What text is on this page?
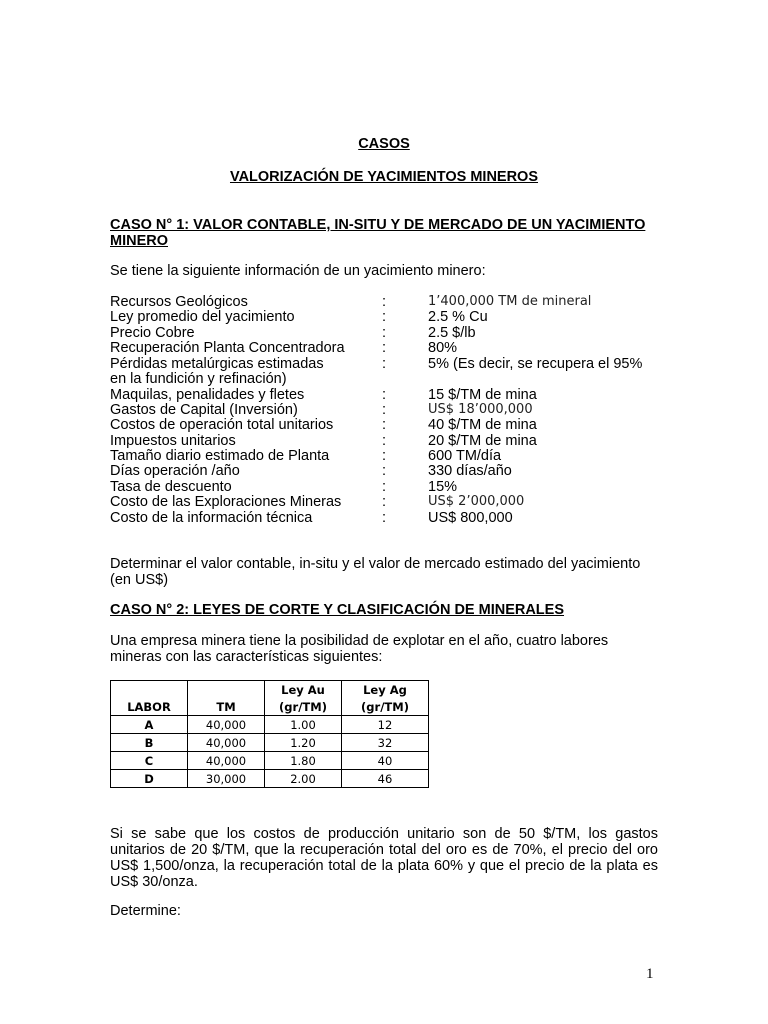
CASOS
VALORIZACIÓN DE YACIMIENTOS MINEROS
CASO N° 1: VALOR CONTABLE, IN-SITU Y DE MERCADO DE UN YACIMIENTO MINERO
Se tiene la siguiente información de un yacimiento minero:
Recursos Geológicos	:	1’400,000 TM de mineral
Ley promedio del yacimiento	:	2.5 % Cu
Precio Cobre	:	2.5 $/lb
Recuperación Planta Concentradora	:	80%
Pérdidas metalúrgicas estimadas	:	5% (Es decir, se recupera el 95%
en la fundición y refinación)
Maquilas, penalidades y fletes	:	15 $/TM de mina
Gastos de Capital (Inversión)	:	US$ 18’000,000
Costos de operación total unitarios	:	40 $/TM de mina
Impuestos unitarios	:	20 $/TM de mina
Tamaño diario estimado de Planta	:	600 TM/día
Días operación /año	:	330 días/año
Tasa de descuento	:	15%
Costo de las Exploraciones Mineras	:	US$ 2’000,000
Costo de la información técnica	:	US$ 800,000
Determinar el valor contable, in-situ y el valor de mercado estimado del yacimiento (en US$)
CASO N° 2: LEYES DE CORTE Y CLASIFICACIÓN DE MINERALES
Una empresa minera tiene la posibilidad de explotar en el año, cuatro labores mineras con las características siguientes:
		Ley Au	Ley Ag
LABOR	TM	(gr/TM)	(gr/TM)
A	40,000	1.00	12
B	40,000	1.20	32
C	40,000	1.80	40
D	30,000	2.00	46
Si se sabe que los costos de producción unitario son de 50 $/TM, los gastos unitarios de 20 $/TM, que la recuperación total del oro es de 70%, el precio del oro US$ 1,500/onza, la recuperación total de la plata 60% y que el precio de la plata es US$ 30/onza.
Determine:
1
